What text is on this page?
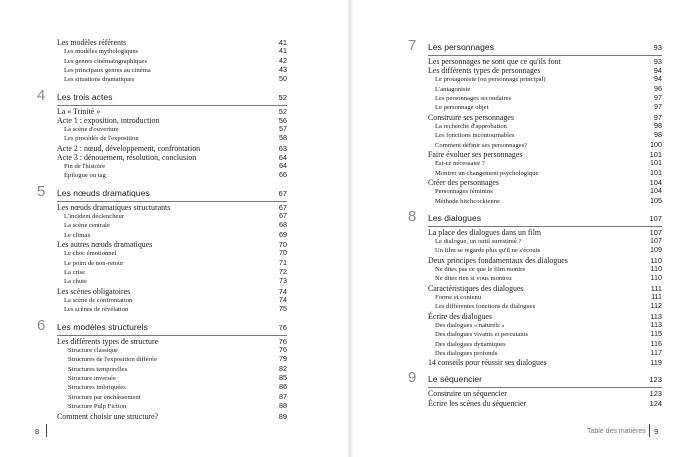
Les modèles référents	41
Les modèles mythologiques	41
Les genres cinématographiques	42
Les principaux genres au cinéma	43
Les situations dramatiques	50
4 Les trois actes	52
La « Trinité »	52
Acte 1 : exposition, introduction	56
La scène d'ouverture	57
Les procédés de l'exposition	58
Acte 2 : nœud, développement, confrontation	63
Acte 3 : dénouement, résolution, conclusion	64
Fin de l'histoire	64
Épilogue ou tag	66
5 Les nœuds dramatiques	67
Les nœuds dramatiques structurants	67
L'incident déclencheur	67
La scène centrale	68
Le climax	69
Les autres nœuds dramatiques	70
Le choc émotionnel	70
Le point de non-retour	71
La crise	72
La chute	73
Les scènes obligatoires	74
La scène de confrontation	74
Les scènes de révélation	75
6 Les modèles structurels	76
Les différents types de structure	76
Structure classique	76
Structures de l'exposition différée	79
Structures temporelles	82
Structure inversée	85
Structures imbriquées	86
Structure par enchâssement	87
Structure Pulp Fiction	88
Comment choisir une structure?	89
8
7 Les personnages	93
Les personnages ne sont que ce qu'ils font	93
Les différents types de personnages	94
Le protagoniste (ou personnage principal)	94
L'antagoniste	96
Les personnages secondaires	97
Le personnage objet	97
Construire ses personnages	97
La recherche d'approbation	98
Les fonctions incontournables	98
Comment définir ses personnages?	100
Faire évoluer ses personnages	101
Est-ce nécessaire ?	101
Montrer un changement psychologique	101
Créer des personnages	104
Personnages féminins	104
Méthode hitchcockienne	105
8 Les dialogues	107
La place des dialogues dans un film	107
Le dialogue, un outil surestimé ?	107
Un film se regarde plus qu'il ne s'écoute	109
Deux principes fondamentaux des dialogues	110
Ne dites pas ce que le film montre	110
Ne dites rien si vous montrez	110
Caractéristiques des dialogues	111
Forme et contenu	111
Les différentes fonctions de dialogues	112
Écrire des dialogues	113
Des dialogues « naturels »	113
Des dialogues vivants et percutants	115
Des dialogues dynamiques	116
Des dialogues profonds	117
14 conseils pour réussir ses dialogues	119
9 Le séquencier	123
Construire un séquencier	123
Écrire les scènes du séquencier	124
Table des matières 9
